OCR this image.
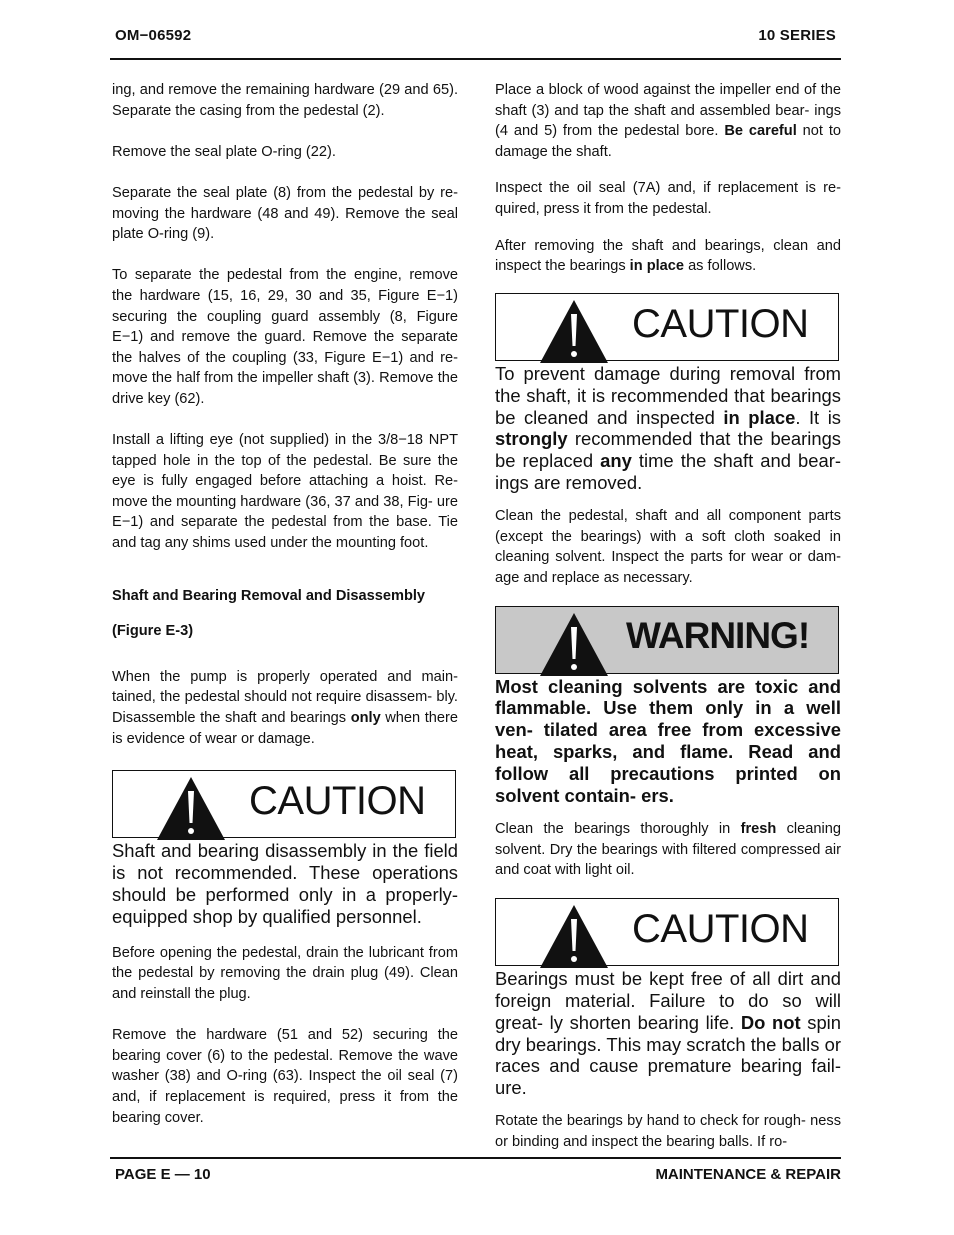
OM−06592	10 SERIES

ing, and remove the remaining hardware (29 and 65). Separate the casing from the pedestal (2).

Remove the seal plate O-ring (22).

Separate the seal plate (8) from the pedestal by re- moving the hardware (48 and 49). Remove the seal plate O-ring (9).

To separate the pedestal from the engine, remove the hardware (15, 16, 29, 30 and 35, Figure E−1) securing the coupling guard assembly (8, Figure E−1) and remove the guard. Remove the separate the halves of the coupling (33, Figure E−1) and re- move the half from the impeller shaft (3). Remove the drive key (62).

Install a lifting eye (not supplied) in the 3/8−18 NPT tapped hole in the top of the pedestal. Be sure the eye is fully engaged before attaching a hoist. Re- move the mounting hardware (36, 37 and 38, Fig- ure E−1) and separate the pedestal from the base. Tie and tag any shims used under the mounting foot.

Shaft and Bearing Removal and Disassembly
(Figure E-3)

When the pump is properly operated and main- tained, the pedestal should not require disassem- bly. Disassemble the shaft and bearings only when there is evidence of wear or damage.

CAUTION

Shaft and bearing disassembly in the field is not recommended. These operations should be performed only in a properly- equipped shop by qualified personnel.

Before opening the pedestal, drain the lubricant from the pedestal by removing the drain plug (49). Clean and reinstall the plug.

Remove the hardware (51 and 52) securing the bearing cover (6) to the pedestal. Remove the wave washer (38) and O-ring (63). Inspect the oil seal (7) and, if replacement is required, press it from the bearing cover.

Place a block of wood against the impeller end of the shaft (3) and tap the shaft and assembled bear- ings (4 and 5) from the pedestal bore. Be careful not to damage the shaft.

Inspect the oil seal (7A) and, if replacement is re- quired, press it from the pedestal.

After removing the shaft and bearings, clean and inspect the bearings in place as follows.

CAUTION

To prevent damage during removal from the shaft, it is recommended that bearings be cleaned and inspected in place. It is strongly recommended that the bearings be replaced any time the shaft and bear- ings are removed.

Clean the pedestal, shaft and all component parts (except the bearings) with a soft cloth soaked in cleaning solvent. Inspect the parts for wear or dam- age and replace as necessary.

WARNING!

Most cleaning solvents are toxic and flammable. Use them only in a well ven- tilated area free from excessive heat, sparks, and flame. Read and follow all precautions printed on solvent contain- ers.

Clean the bearings thoroughly in fresh cleaning solvent. Dry the bearings with filtered compressed air and coat with light oil.

CAUTION

Bearings must be kept free of all dirt and foreign material. Failure to do so will great- ly shorten bearing life. Do not spin dry bearings. This may scratch the balls or races and cause premature bearing fail- ure.

Rotate the bearings by hand to check for rough- ness or binding and inspect the bearing balls. If ro-

PAGE E — 10	MAINTENANCE & REPAIR
